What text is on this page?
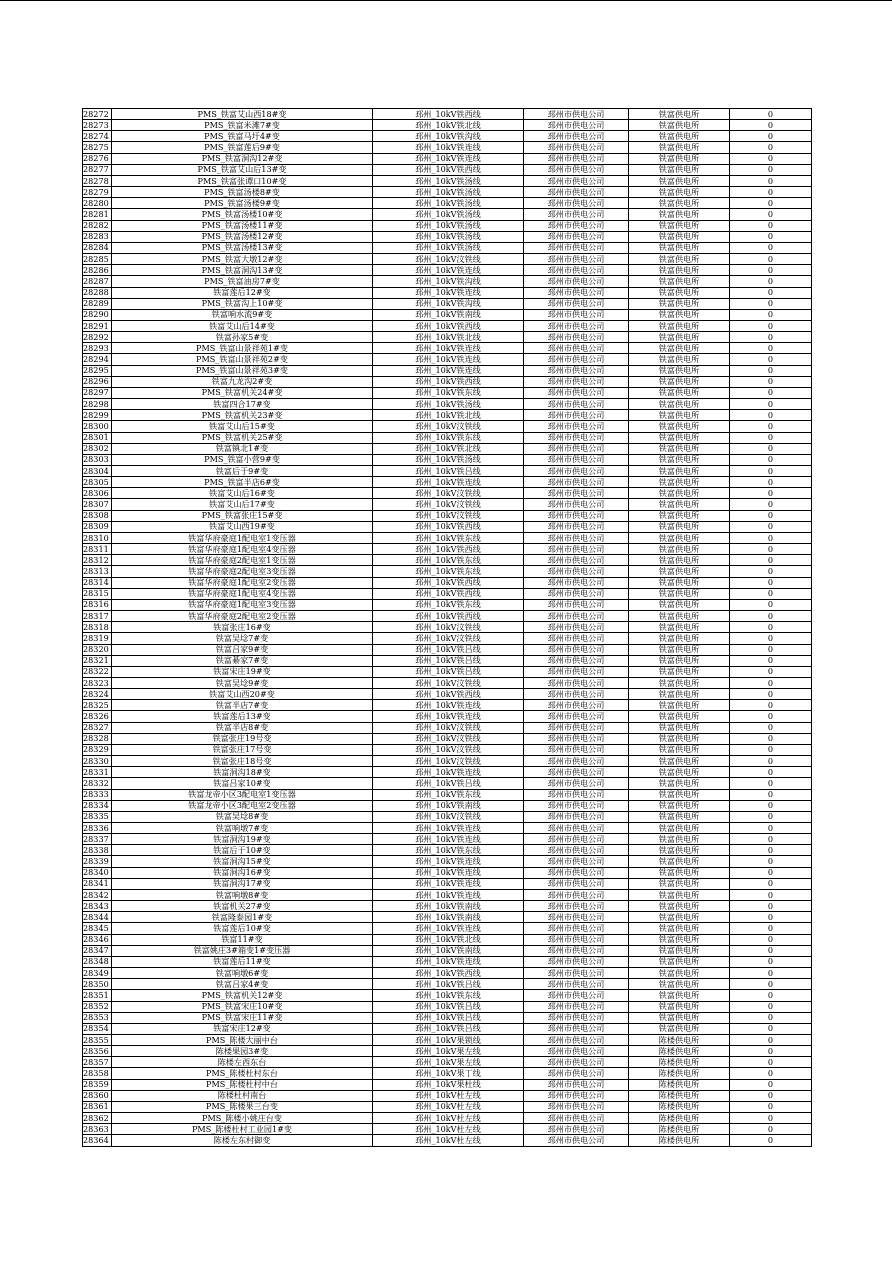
28272	PMS_铁富艾山西18#变	邳州_10kV铁西线	邳州市供电公司	铁富供电所	0
28273	PMS_铁富米滩7#变	邳州_10kV铁北线	邳州市供电公司	铁富供电所	0
28274	PMS_铁富马圩4#变	邳州_10kV铁沟线	邳州市供电公司	铁富供电所	0
28275	PMS_铁富莲后9#变	邳州_10kV铁连线	邳州市供电公司	铁富供电所	0
28276	PMS_铁富洞沟12#变	邳州_10kV铁连线	邳州市供电公司	铁富供电所	0
28277	PMS_铁富艾山后13#变	邳州_10kV铁西线	邳州市供电公司	铁富供电所	0
28278	PMS_铁富张谭口10#变	邳州_10kV铁汤线	邳州市供电公司	铁富供电所	0
28279	PMS_铁富汤楼8#变	邳州_10kV铁汤线	邳州市供电公司	铁富供电所	0
28280	PMS_铁富汤楼9#变	邳州_10kV铁汤线	邳州市供电公司	铁富供电所	0
28281	PMS_铁富汤楼10#变	邳州_10kV铁汤线	邳州市供电公司	铁富供电所	0
28282	PMS_铁富汤楼11#变	邳州_10kV铁汤线	邳州市供电公司	铁富供电所	0
28283	PMS_铁富汤楼12#变	邳州_10kV铁汤线	邳州市供电公司	铁富供电所	0
28284	PMS_铁富汤楼13#变	邳州_10kV铁汤线	邳州市供电公司	铁富供电所	0
28285	PMS_铁富大墩12#变	邳州_10kV汶铁线	邳州市供电公司	铁富供电所	0
28286	PMS_铁富洞沟13#变	邳州_10kV铁连线	邳州市供电公司	铁富供电所	0
28287	PMS_铁富油房7#变	邳州_10kV铁沟线	邳州市供电公司	铁富供电所	0
28288	铁富莲后12#变	邳州_10kV铁连线	邳州市供电公司	铁富供电所	0
28289	PMS_铁富沟上10#变	邳州_10kV铁沟线	邳州市供电公司	铁富供电所	0
28290	铁富响水流9#变	邳州_10kV铁南线	邳州市供电公司	铁富供电所	0
28291	铁富艾山后14#变	邳州_10kV铁西线	邳州市供电公司	铁富供电所	0
28292	铁富孙家5#变	邳州_10kV铁北线	邳州市供电公司	铁富供电所	0
28293	PMS_铁富山景祥苑1#变	邳州_10kV铁连线	邳州市供电公司	铁富供电所	0
28294	PMS_铁富山景祥苑2#变	邳州_10kV铁连线	邳州市供电公司	铁富供电所	0
28295	PMS_铁富山景祥苑3#变	邳州_10kV铁连线	邳州市供电公司	铁富供电所	0
28296	铁富九龙沟2#变	邳州_10kV铁西线	邳州市供电公司	铁富供电所	0
28297	PMS_铁富机关24#变	邳州_10kV铁东线	邳州市供电公司	铁富供电所	0
28298	铁富四合17#变	邳州_10kV铁汤线	邳州市供电公司	铁富供电所	0
28299	PMS_铁富机关23#变	邳州_10kV铁北线	邳州市供电公司	铁富供电所	0
28300	铁富艾山后15#变	邳州_10kV汶铁线	邳州市供电公司	铁富供电所	0
28301	PMS_铁富机关25#变	邳州_10kV铁东线	邳州市供电公司	铁富供电所	0
28302	铁富镇北1#变	邳州_10kV铁北线	邳州市供电公司	铁富供电所	0
28303	PMS_铁富小营9#变	邳州_10kV铁汤线	邳州市供电公司	铁富供电所	0
28304	铁富后于9#变	邳州_10kV铁吕线	邳州市供电公司	铁富供电所	0
28305	PMS_铁富半店6#变	邳州_10kV铁连线	邳州市供电公司	铁富供电所	0
28306	铁富艾山后16#变	邳州_10kV汶铁线	邳州市供电公司	铁富供电所	0
28307	铁富艾山后17#变	邳州_10kV汶铁线	邳州市供电公司	铁富供电所	0
28308	PMS_铁富张庄15#变	邳州_10kV汶铁线	邳州市供电公司	铁富供电所	0
28309	铁富艾山西19#变	邳州_10kV铁西线	邳州市供电公司	铁富供电所	0
28310	铁富华府豪庭1配电室1变压器	邳州_10kV铁东线	邳州市供电公司	铁富供电所	0
28311	铁富华府豪庭1配电室4变压器	邳州_10kV铁西线	邳州市供电公司	铁富供电所	0
28312	铁富华府豪庭2配电室1变压器	邳州_10kV铁东线	邳州市供电公司	铁富供电所	0
28313	铁富华府豪庭2配电室3变压器	邳州_10kV铁东线	邳州市供电公司	铁富供电所	0
28314	铁富华府豪庭1配电室2变压器	邳州_10kV铁西线	邳州市供电公司	铁富供电所	0
28315	铁富华府豪庭1配电室4变压器	邳州_10kV铁西线	邳州市供电公司	铁富供电所	0
28316	铁富华府豪庭1配电室3变压器	邳州_10kV铁东线	邳州市供电公司	铁富供电所	0
28317	铁富华府豪庭2配电室2变压器	邳州_10kV铁西线	邳州市供电公司	铁富供电所	0
28318	铁富张庄16#变	邳州_10kV汶铁线	邳州市供电公司	铁富供电所	0
28319	铁富吴埝7#变	邳州_10kV汶铁线	邳州市供电公司	铁富供电所	0
28320	铁富吕家9#变	邳州_10kV铁吕线	邳州市供电公司	铁富供电所	0
28321	铁富綦家7#变	邳州_10kV铁吕线	邳州市供电公司	铁富供电所	0
28322	铁富宋庄19#变	邳州_10kV铁吕线	邳州市供电公司	铁富供电所	0
28323	铁富吴埝9#变	邳州_10kV汶铁线	邳州市供电公司	铁富供电所	0
28324	铁富艾山西20#变	邳州_10kV铁西线	邳州市供电公司	铁富供电所	0
28325	铁富半店7#变	邳州_10kV铁连线	邳州市供电公司	铁富供电所	0
28326	铁富莲后13#变	邳州_10kV铁连线	邳州市供电公司	铁富供电所	0
28327	铁富半店8#变	邳州_10kV汶铁线	邳州市供电公司	铁富供电所	0
28328	铁富张庄19号变	邳州_10kV汶铁线	邳州市供电公司	铁富供电所	0
28329	铁富张庄17号变	邳州_10kV汶铁线	邳州市供电公司	铁富供电所	0
28330	铁富张庄18号变	邳州_10kV汶铁线	邳州市供电公司	铁富供电所	0
28331	铁富洞沟18#变	邳州_10kV铁连线	邳州市供电公司	铁富供电所	0
28332	铁富吕家10#变	邳州_10kV铁吕线	邳州市供电公司	铁富供电所	0
28333	铁富龙帝小区3配电室1变压器	邳州_10kV铁东线	邳州市供电公司	铁富供电所	0
28334	铁富龙帝小区3配电室2变压器	邳州_10kV铁南线	邳州市供电公司	铁富供电所	0
28335	铁富吴埝8#变	邳州_10kV汶铁线	邳州市供电公司	铁富供电所	0
28336	铁富响墩7#变	邳州_10kV铁连线	邳州市供电公司	铁富供电所	0
28337	铁富洞沟19#变	邳州_10kV铁连线	邳州市供电公司	铁富供电所	0
28338	铁富后于10#变	邳州_10kV铁东线	邳州市供电公司	铁富供电所	0
28339	铁富洞沟15#变	邳州_10kV铁连线	邳州市供电公司	铁富供电所	0
28340	铁富洞沟16#变	邳州_10kV铁连线	邳州市供电公司	铁富供电所	0
28341	铁富洞沟17#变	邳州_10kV铁连线	邳州市供电公司	铁富供电所	0
28342	铁富响墩8#变	邳州_10kV铁连线	邳州市供电公司	铁富供电所	0
28343	铁富机关27#变	邳州_10kV铁南线	邳州市供电公司	铁富供电所	0
28344	铁富隆泰园1#变	邳州_10kV铁南线	邳州市供电公司	铁富供电所	0
28345	铁富莲后10#变	邳州_10kV铁连线	邳州市供电公司	铁富供电所	0
28346	铁富11#变	邳州_10kV铁北线	邳州市供电公司	铁富供电所	0
28347	铁富姚庄3#箱变1#变压器	邳州_10kV铁南线	邳州市供电公司	铁富供电所	0
28348	铁富莲后11#变	邳州_10kV铁连线	邳州市供电公司	铁富供电所	0
28349	铁富响墩6#变	邳州_10kV铁西线	邳州市供电公司	铁富供电所	0
28350	铁富吕家4#变	邳州_10kV铁吕线	邳州市供电公司	铁富供电所	0
28351	PMS_铁富机关12#变	邳州_10kV铁东线	邳州市供电公司	铁富供电所	0
28352	PMS_铁富宋庄10#变	邳州_10kV铁吕线	邳州市供电公司	铁富供电所	0
28353	PMS_铁富宋庄11#变	邳州_10kV铁吕线	邳州市供电公司	铁富供电所	0
28354	铁富宋庄12#变	邳州_10kV铁吕线	邳州市供电公司	铁富供电所	0
28355	PMS_陈楼大丽中台	邳州_10kV果锁线	邳州市供电公司	陈楼供电所	0
28356	陈楼果园3#变	邳州_10kV果左线	邳州市供电公司	陈楼供电所	0
28357	陈楼左西东台	邳州_10kV果左线	邳州市供电公司	陈楼供电所	0
28358	PMS_陈楼杜村东台	邳州_10kV果丁线	邳州市供电公司	陈楼供电所	0
28359	PMS_陈楼杜村中台	邳州_10kV果杜线	邳州市供电公司	陈楼供电所	0
28360	陈楼杜村南台	邳州_10kV杜左线	邳州市供电公司	陈楼供电所	0
28361	PMS_陈楼果三台变	邳州_10kV杜左线	邳州市供电公司	陈楼供电所	0
28362	PMS_陈楼小姚庄台变	邳州_10kV杜左线	邳州市供电公司	陈楼供电所	0
28363	PMS_陈楼杜村工业园1#变	邳州_10kV杜左线	邳州市供电公司	陈楼供电所	0
28364	陈楼左东村御变	邳州_10kV杜左线	邳州市供电公司	陈楼供电所	0
